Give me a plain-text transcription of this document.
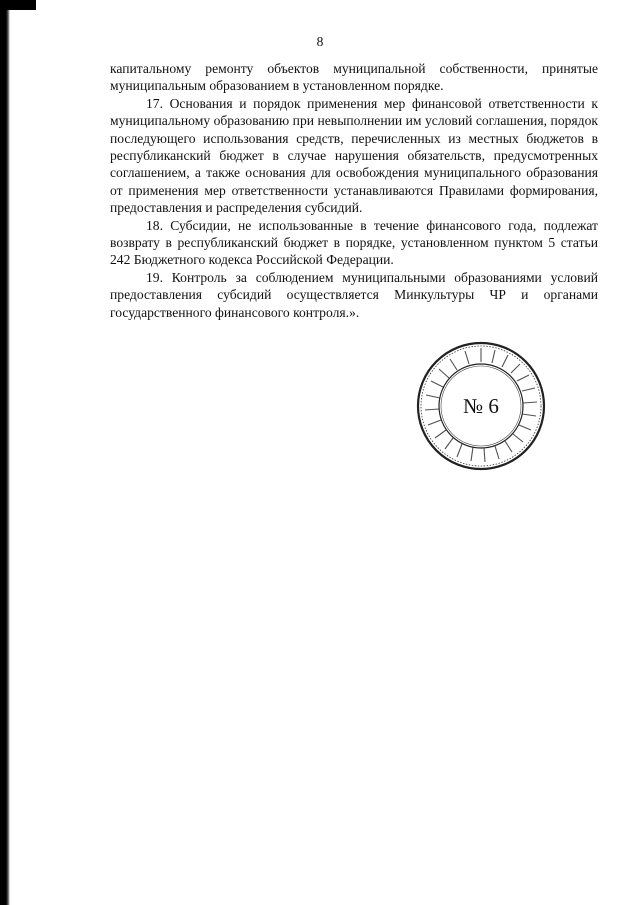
8

капитальному ремонту объектов муниципальной собственности, принятые муниципальным образованием в установленном порядке.

17. Основания и порядок применения мер финансовой ответственности к муниципальному образованию при невыполнении им условий соглашения, порядок последующего использования средств, перечисленных из местных бюджетов в республиканский бюджет в случае нарушения обязательств, предусмотренных соглашением, а также основания для освобождения муниципального образования от применения мер ответственности устанавливаются Правилами формирования, предоставления и распределения субсидий.

18. Субсидии, не использованные в течение финансового года, подлежат возврату в республиканский бюджет в порядке, установленном пунктом 5 статьи 242 Бюджетного кодекса Российской Федерации.

19. Контроль за соблюдением муниципальными образованиями условий предоставления субсидий осуществляется Минкультуры ЧР и органами государственного финансового контроля.».

№ 6
